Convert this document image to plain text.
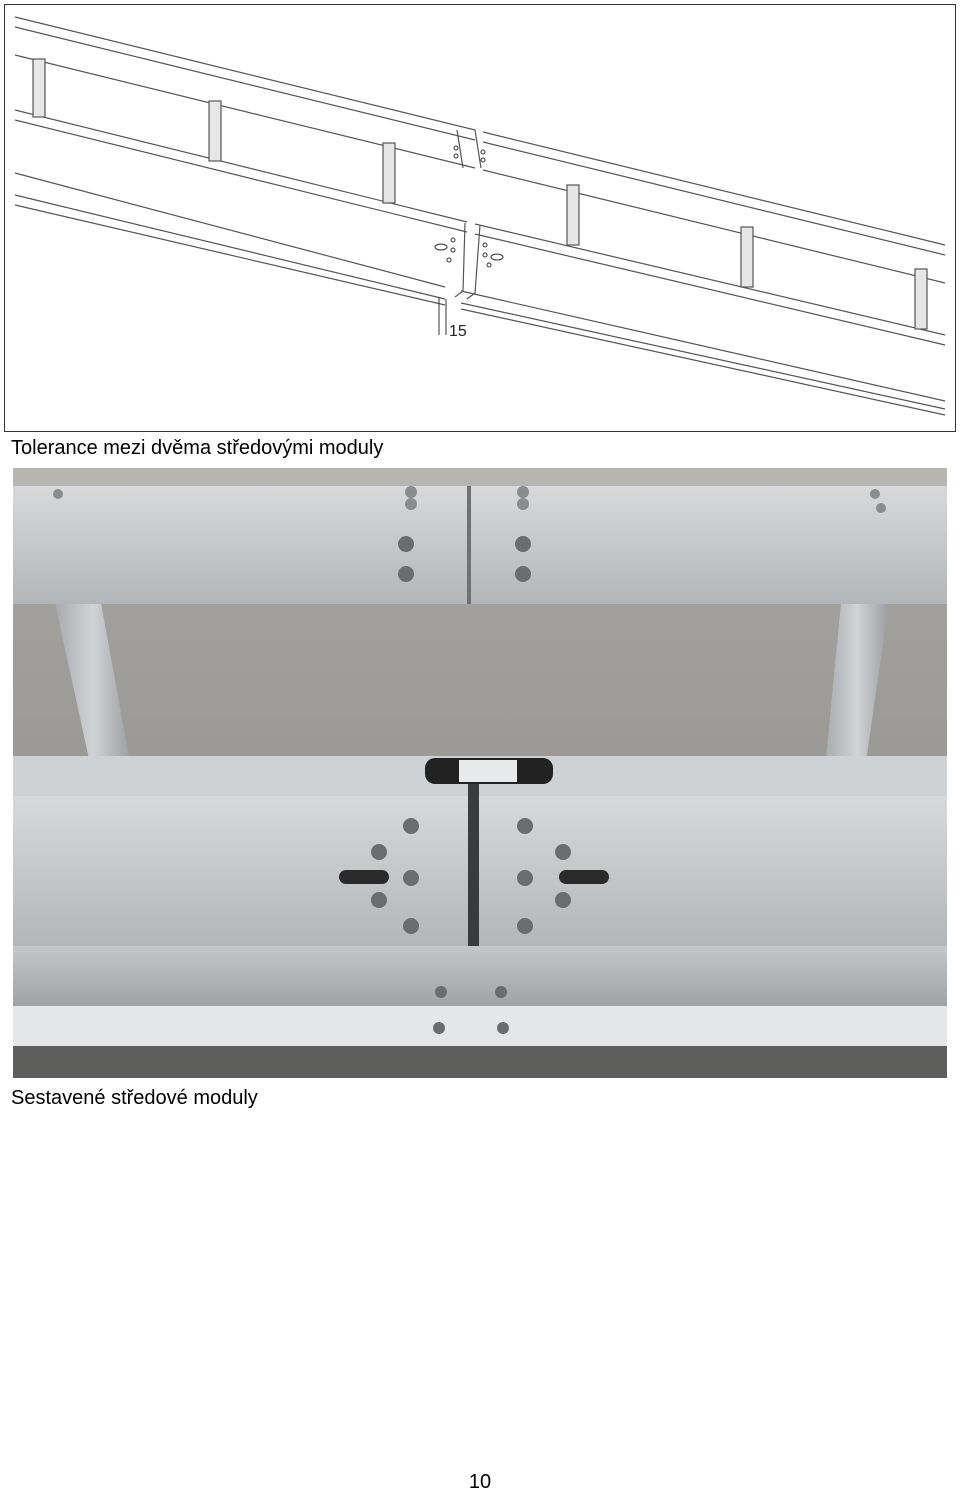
15
Tolerance mezi dvěma středovými moduly
Sestavené středové moduly
10
